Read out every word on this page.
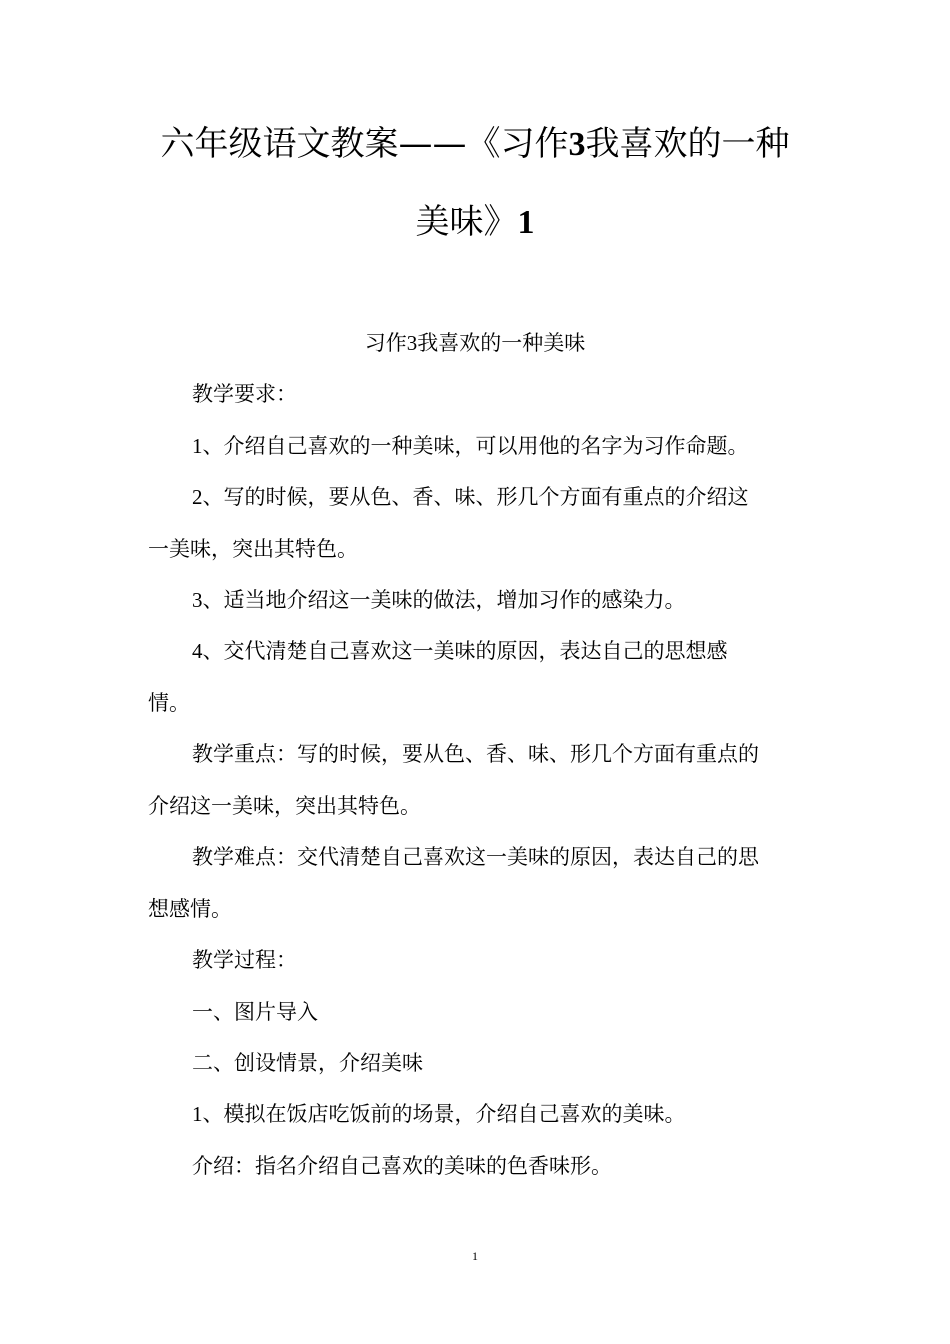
六年级语文教案——《习作3我喜欢的一种
美味》1
习作3我喜欢的一种美味
教学要求：
1、介绍自己喜欢的一种美味，可以用他的名字为习作命题。
2、写的时候，要从色、香、味、形几个方面有重点的介绍这
一美味，突出其特色。
3、适当地介绍这一美味的做法，增加习作的感染力。
4、交代清楚自己喜欢这一美味的原因，表达自己的思想感
情。
教学重点：写的时候，要从色、香、味、形几个方面有重点的
介绍这一美味，突出其特色。
教学难点：交代清楚自己喜欢这一美味的原因，表达自己的思
想感情。
教学过程：
一、图片导入
二、创设情景，介绍美味
1、模拟在饭店吃饭前的场景，介绍自己喜欢的美味。
介绍：指名介绍自己喜欢的美味的色香味形。
1
